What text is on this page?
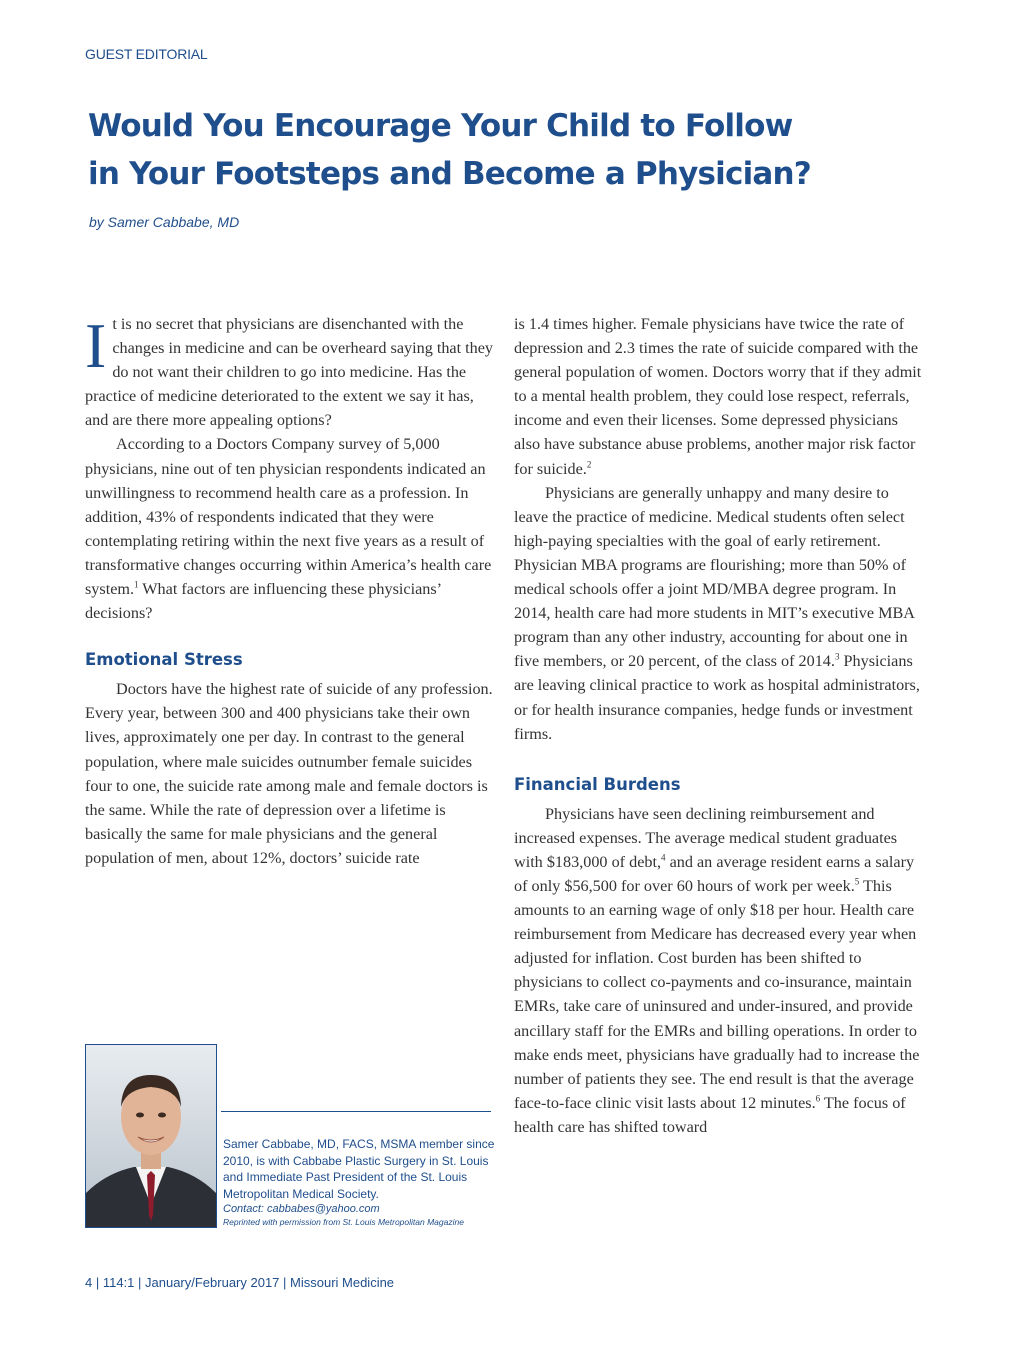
GUEST EDITORIAL
Would You Encourage Your Child to Follow
in Your Footsteps and Become a Physician?
by Samer Cabbabe, MD

It is no secret that physicians are disenchanted with the changes in medicine and can be overheard saying that they do not want their children to go into medicine. Has the practice of medicine deteriorated to the extent we say it has, and are there more appealing options?

According to a Doctors Company survey of 5,000 physicians, nine out of ten physician respondents indicated an unwillingness to recommend health care as a profession. In addition, 43% of respondents indicated that they were contemplating retiring within the next five years as a result of transformative changes occurring within America’s health care system.$^1$ What factors are influencing these physicians’ decisions?

Emotional Stress

Doctors have the highest rate of suicide of any profession. Every year, between 300 and 400 physicians take their own lives, approximately one per day. In contrast to the general population, where male suicides outnumber female suicides four to one, the suicide rate among male and female doctors is the same. While the rate of depression over a lifetime is basically the same for male physicians and the general population of men, about 12%, doctors’ suicide rate

is 1.4 times higher. Female physicians have twice the rate of depression and 2.3 times the rate of suicide compared with the general population of women. Doctors worry that if they admit to a mental health problem, they could lose respect, referrals, income and even their licenses. Some depressed physicians also have substance abuse problems, another major risk factor for suicide.$^2$

Physicians are generally unhappy and many desire to leave the practice of medicine. Medical students often select high-paying specialties with the goal of early retirement. Physician MBA programs are flourishing; more than 50% of medical schools offer a joint MD/MBA degree program. In 2014, health care had more students in MIT’s executive MBA program than any other industry, accounting for about one in five members, or 20 percent, of the class of 2014.$^3$ Physicians are leaving clinical practice to work as hospital administrators, or for health insurance companies, hedge funds or investment firms.

Financial Burdens

Physicians have seen declining reimbursement and increased expenses. The average medical student graduates with $183,000 of debt,$^4$ and an average resident earns a salary of only $56,500 for over 60 hours of work per week.$^5$ This amounts to an earning wage of only $18 per hour. Health care reimbursement from Medicare has decreased every year when adjusted for inflation. Cost burden has been shifted to physicians to collect co-payments and co-insurance, maintain EMRs, take care of uninsured and under-insured, and provide ancillary staff for the EMRs and billing operations. In order to make ends meet, physicians have gradually had to increase the number of patients they see. The end result is that the average face-to-face clinic visit lasts about 12 minutes.$^6$ The focus of health care has shifted toward

Samer Cabbabe, MD, FACS, MSMA member since 2010, is with Cabbabe Plastic Surgery in St. Louis and Immediate Past President of the St. Louis Metropolitan Medical Society.

Contact: cabbabes@yahoo.com

Reprinted with permission from St. Louis Metropolitan Magazine

4 | 114:1 | January/February 2017 | Missouri Medicine
